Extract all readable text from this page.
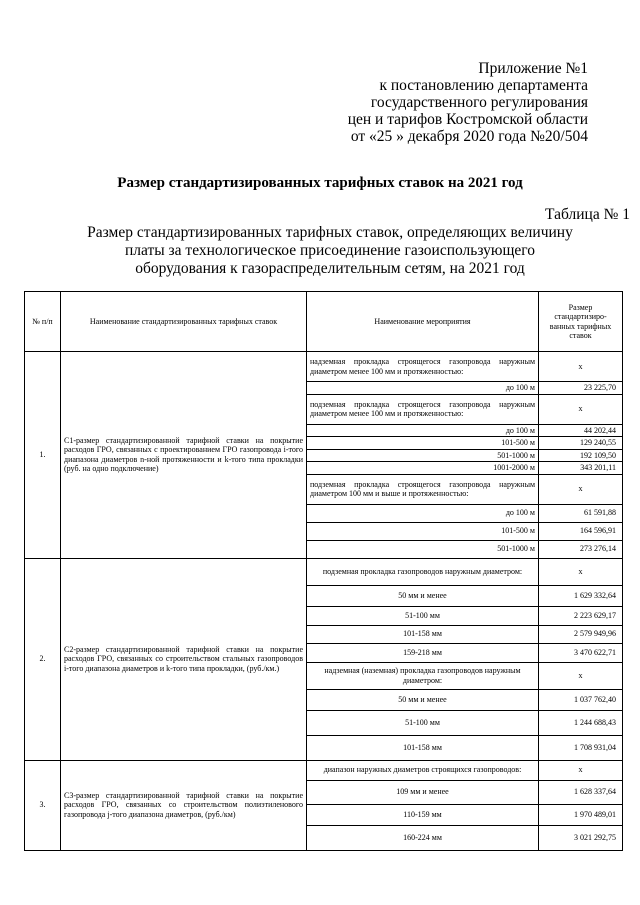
Приложение №1
к постановлению департамента
государственного регулирования
цен и тарифов Костромской области
от «25 » декабря 2020 года №20/504
Размер стандартизированных тарифных ставок на 2021 год
Таблица № 1
Размер стандартизированных тарифных ставок, определяющих величину
платы за технологическое присоединение газоиспользующего
оборудования к газораспределительным сетям, на 2021 год
№ п/п	Наименование стандартизированных тарифных ставок	Наименование мероприятия	Размер стандартизиро-ванных тарифных ставок
1.	С1-размер стандартизированной тарифной ставки на покрытие расходов ГРО, связанных с проектированием ГРО газопровода i-того диапазона диаметров n-ной протяженности и k-того типа прокладки (руб. на одно подключение)	надземная прокладка строящегося газопровода наружным диаметром менее 100 мм и протяженностью:	х
		до 100 м	23 225,70
		подземная прокладка строящегося газопровода наружным диаметром менее 100 мм и протяженностью:	х
		до 100 м	44 202,44
		101-500 м	129 240,55
		501-1000 м	192 109,50
		1001-2000 м	343 201,11
		подземная прокладка строящегося газопровода наружным диаметром 100 мм и выше и протяженностью:	х
		до 100 м	61 591,88
		101-500 м	164 596,91
		501-1000 м	273 276,14
2.	С2-размер стандартизированной тарифной ставки на покрытие расходов ГРО, связанных со строительством стальных газопроводов i-того диапазона диаметров и k-того типа прокладки, (руб./км.)	подземная прокладка газопроводов наружным диаметром:	х
		50 мм и менее	1 629 332,64
		51-100 мм	2 223 629,17
		101-158 мм	2 579 949,96
		159-218 мм	3 470 622,71
		надземная (наземная) прокладка газопроводов наружным диаметром:	х
		50 мм и менее	1 037 762,40
		51-100 мм	1 244 688,43
		101-158 мм	1 708 931,04
3.	С3-размер стандартизированной тарифной ставки на покрытие расходов ГРО, связанных со строительством полиэтиленового газопровода j-того диапазона диаметров, (руб./км)	диапазон наружных диаметров строящихся газопроводов:	х
		109 мм и менее	1 628 337,64
		110-159 мм	1 970 489,01
		160-224 мм	3 021 292,75
